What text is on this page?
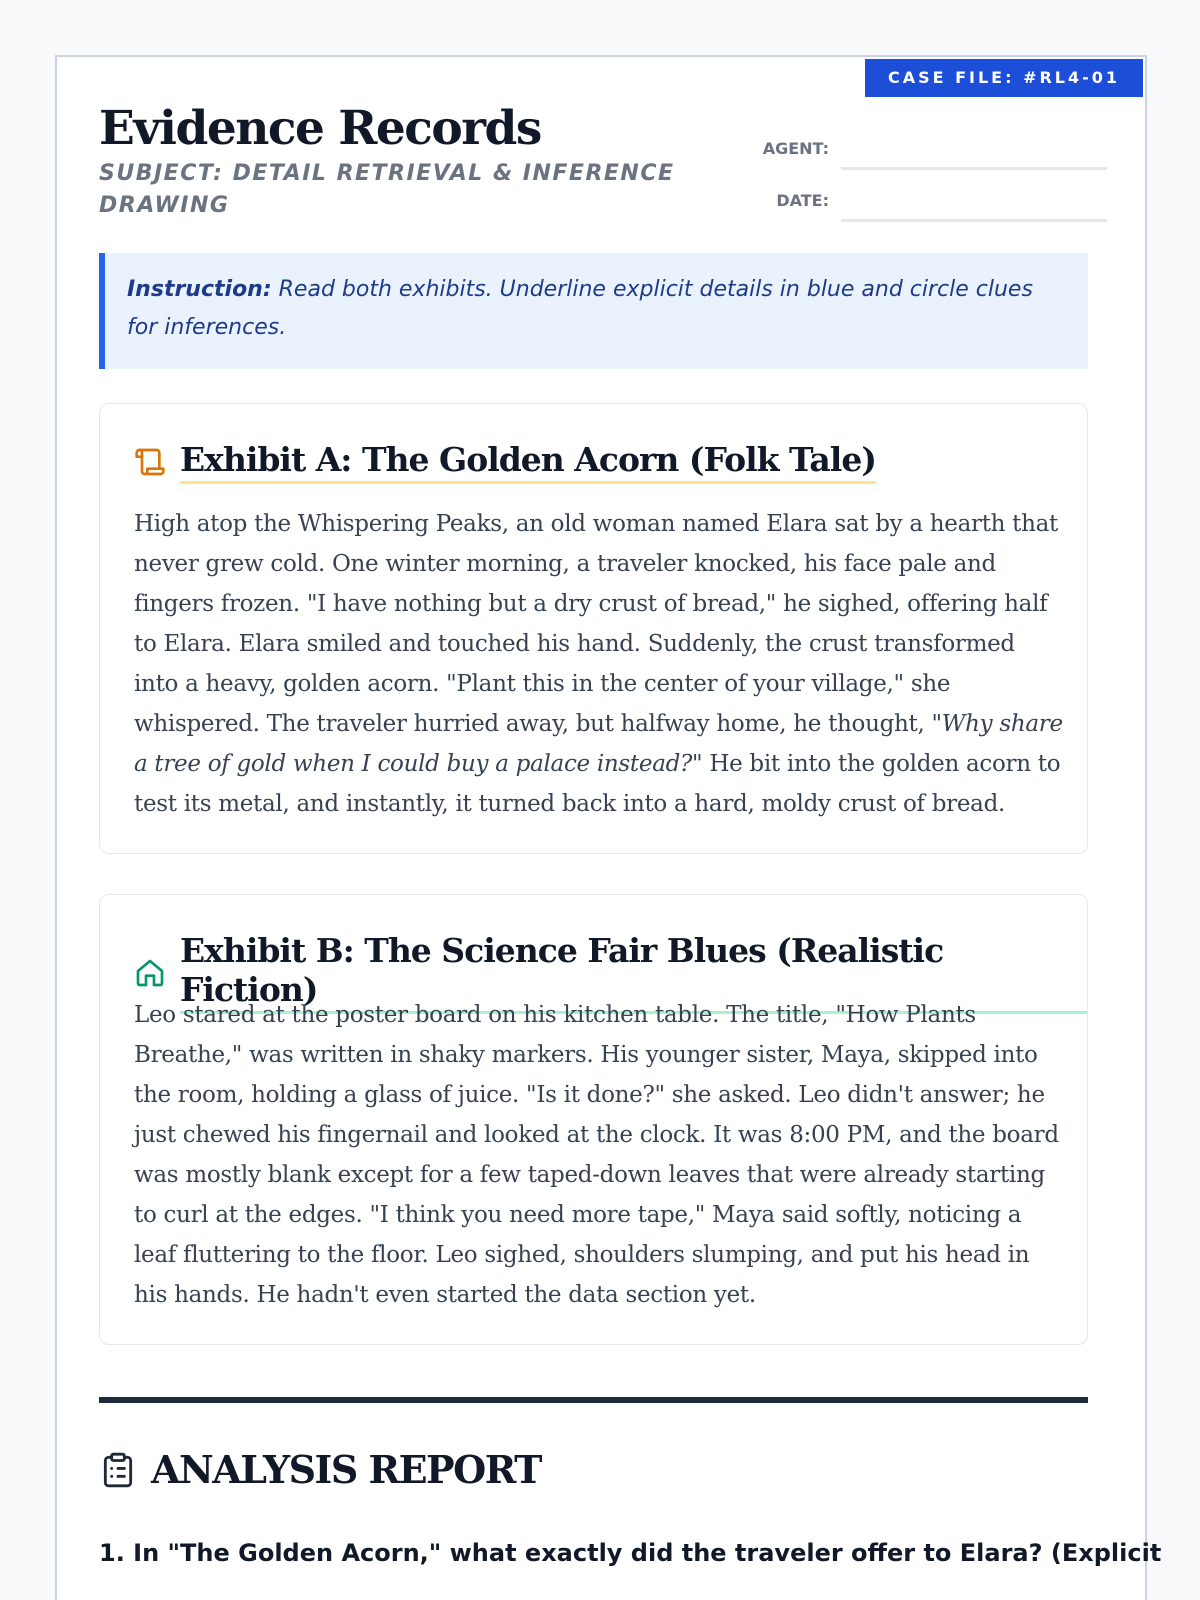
CASE FILE: #RL4-01
Evidence Records
SUBJECT: DETAIL RETRIEVAL & INFERENCE DRAWING
AGENT:
DATE:
Instruction: Read both exhibits. Underline explicit details in blue and circle clues for inferences.
Exhibit A: The Golden Acorn (Folk Tale)
High atop the Whispering Peaks, an old woman named Elara sat by a hearth that never grew cold. One winter morning, a traveler knocked, his face pale and fingers frozen. "I have nothing but a dry crust of bread," he sighed, offering half to Elara. Elara smiled and touched his hand. Suddenly, the crust transformed into a heavy, golden acorn. "Plant this in the center of your village," she whispered. The traveler hurried away, but halfway home, he thought, "Why share a tree of gold when I could buy a palace instead?" He bit into the golden acorn to test its metal, and instantly, it turned back into a hard, moldy crust of bread.
Exhibit B: The Science Fair Blues (Realistic Fiction)
Leo stared at the poster board on his kitchen table. The title, "How Plants Breathe," was written in shaky markers. His younger sister, Maya, skipped into the room, holding a glass of juice. "Is it done?" she asked. Leo didn't answer; he just chewed his fingernail and looked at the clock. It was 8:00 PM, and the board was mostly blank except for a few taped-down leaves that were already starting to curl at the edges. "I think you need more tape," Maya said softly, noticing a leaf fluttering to the floor. Leo sighed, shoulders slumping, and put his head in his hands. He hadn't even started the data section yet.
ANALYSIS REPORT
1. In "The Golden Acorn," what exactly did the traveler offer to Elara? (Explicit
